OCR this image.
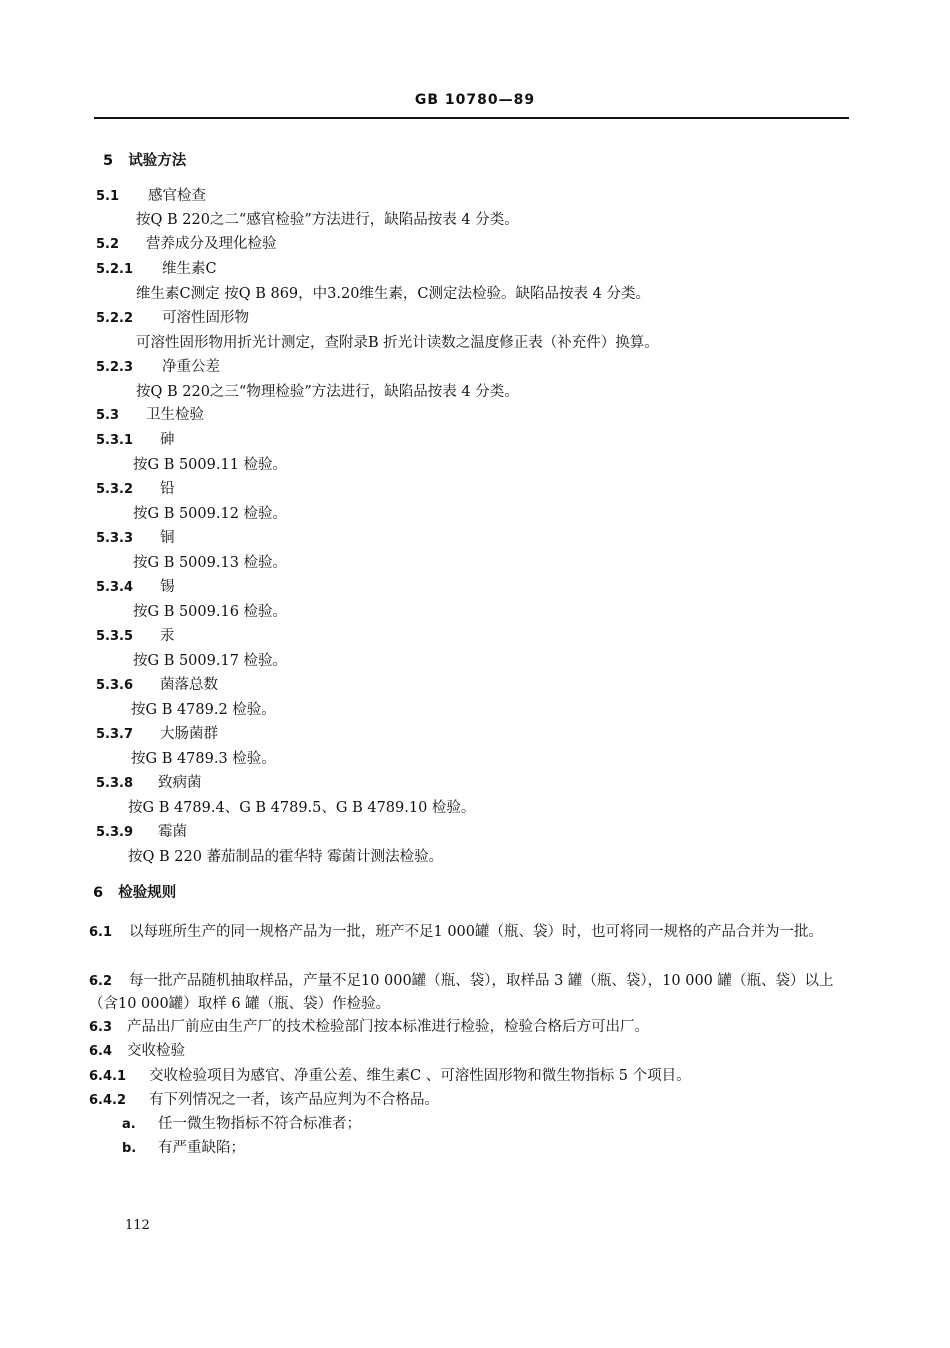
GB 10780—89
5 试验方法
5.1 感官检查
按Q B 220之二“感官检验”方法进行，缺陷品按表 4 分类。
5.2 营养成分及理化检验
5.2.1 维生素C
维生素C测定 按Q B 869，中3.20维生素，C测定法检验。缺陷品按表 4 分类。
5.2.2 可溶性固形物
可溶性固形物用折光计测定，查附录B 折光计读数之温度修正表（补充件）换算。
5.2.3 净重公差
按Q B 220之三“物理检验”方法进行，缺陷品按表 4 分类。
5.3 卫生检验
5.3.1 砷
按G B 5009.11 检验。
5.3.2 铅
按G B 5009.12 检验。
5.3.3 铜
按G B 5009.13 检验。
5.3.4 锡
按G B 5009.16 检验。
5.3.5 汞
按G B 5009.17 检验。
5.3.6 菌落总数
按G B 4789.2 检验。
5.3.7 大肠菌群
按G B 4789.3 检验。
5.3.8 致病菌
按G B 4789.4、G B 4789.5、G B 4789.10 检验。
5.3.9 霉菌
按Q B 220 蕃茄制品的霍华特 霉菌计测法检验。
6 检验规则
6.1 以每班所生产的同一规格产品为一批，班产不足1 000罐（瓶、袋）时，也可将同一规格的产品合并为一批。
6.2 每一批产品随机抽取样品，产量不足10 000罐（瓶、袋），取样品 3 罐（瓶、袋），10 000 罐（瓶、袋）以上（含10 000罐）取样 6 罐（瓶、袋）作检验。
6.3 产品出厂前应由生产厂的技术检验部门按本标准进行检验，检验合格后方可出厂。
6.4 交收检验
6.4.1 交收检验项目为感官、净重公差、维生素C 、可溶性固形物和微生物指标 5 个项目。
6.4.2 有下列情况之一者，该产品应判为不合格品。
a. 任一微生物指标不符合标准者；
b. 有严重缺陷；
112
